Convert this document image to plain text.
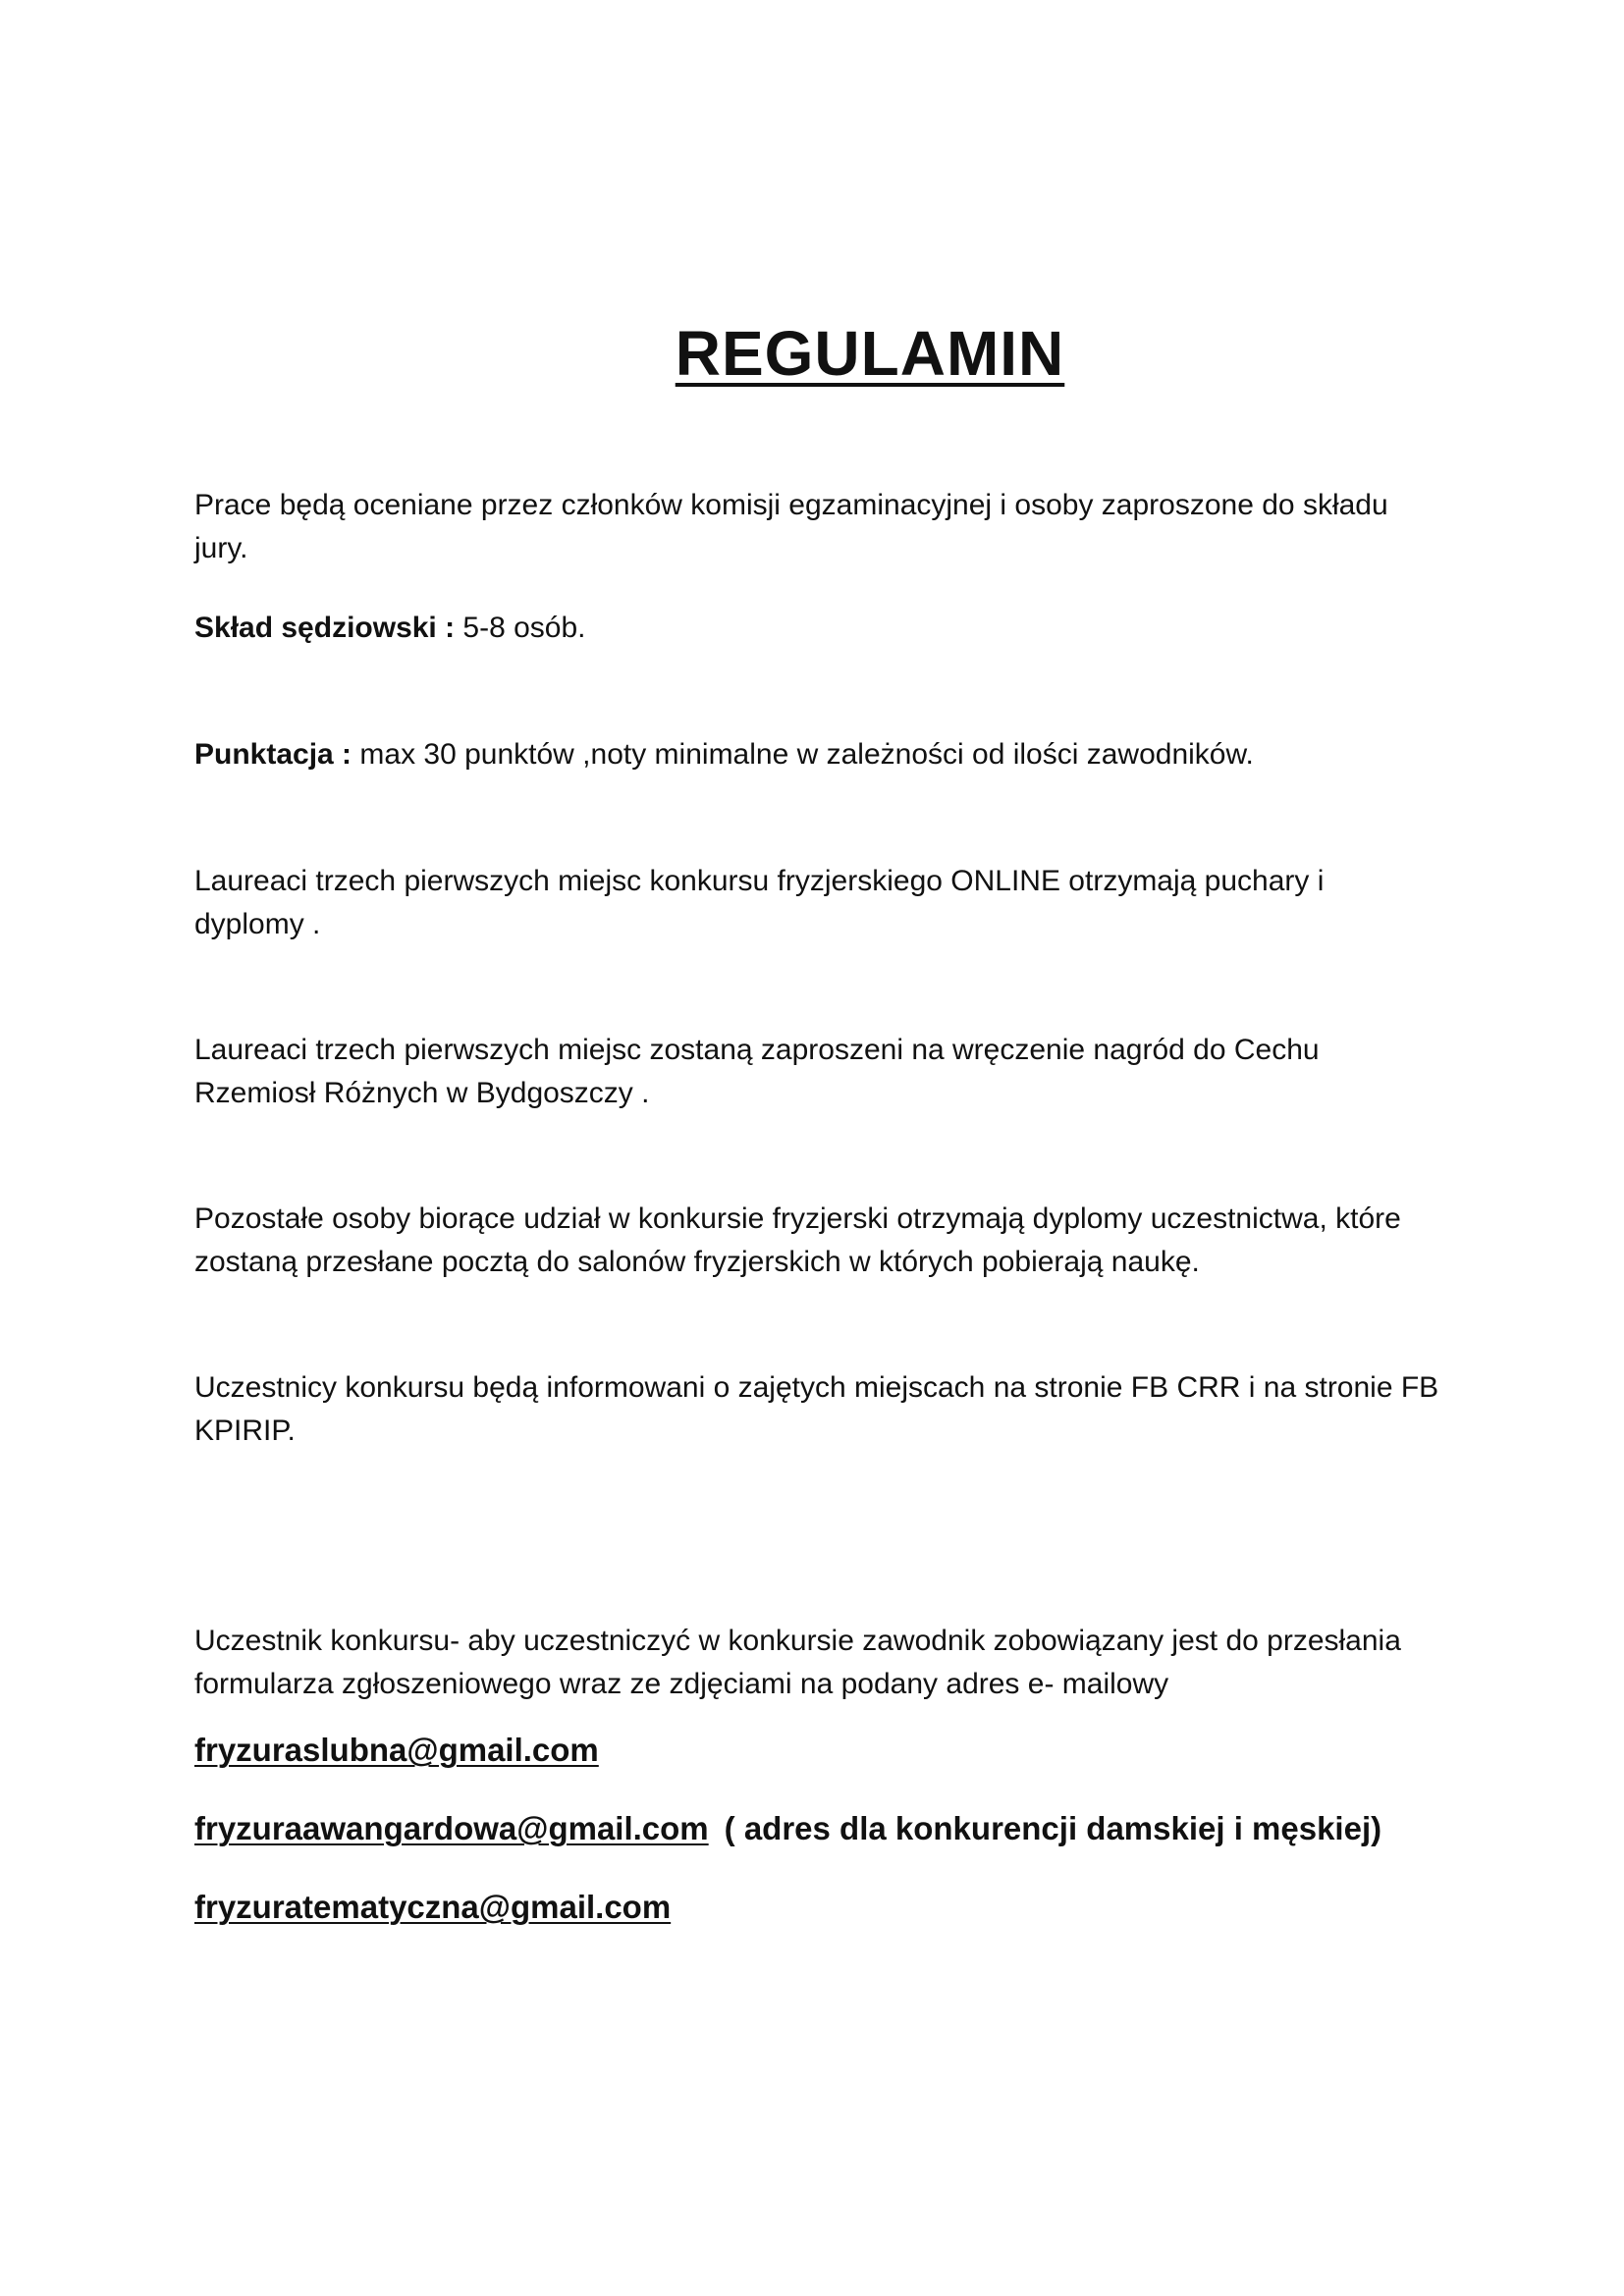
REGULAMIN

Prace będą oceniane przez członków komisji egzaminacyjnej i osoby zaproszone do składu jury.

Skład sędziowski : 5-8 osób.

Punktacja : max 30 punktów ,noty minimalne w zależności od ilości zawodników.

Laureaci trzech pierwszych miejsc konkursu fryzjerskiego ONLINE otrzymają puchary i dyplomy .

Laureaci trzech pierwszych miejsc zostaną zaproszeni na wręczenie nagród do Cechu Rzemiosł Różnych w Bydgoszczy .

Pozostałe osoby biorące udział w konkursie fryzjerski otrzymają dyplomy uczestnictwa, które zostaną przesłane pocztą do salonów fryzjerskich w których pobierają naukę.

Uczestnicy konkursu będą informowani o zajętych miejscach na stronie FB CRR i na stronie FB KPIRIP.

Uczestnik konkursu- aby uczestniczyć w konkursie zawodnik zobowiązany jest do przesłania formularza zgłoszeniowego wraz ze zdjęciami na podany adres e- mailowy

fryzuraslubna@gmail.com

fryzuraawangardowa@gmail.com ( adres dla konkurencji damskiej i męskiej)

fryzuratematyczna@gmail.com
